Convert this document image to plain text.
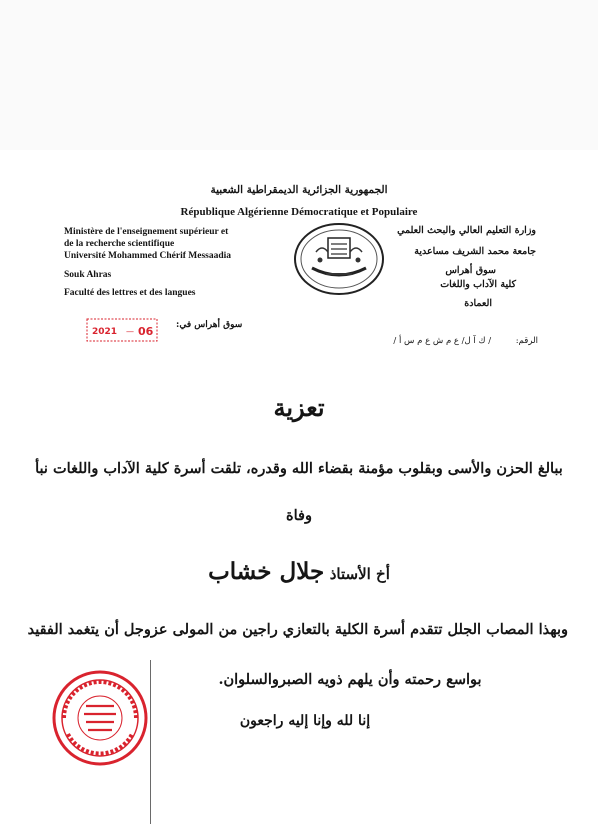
الجمهورية الجزائرية الديمقراطية الشعبية
République Algérienne Démocratique et Populaire
Ministère de l'enseignement supérieur et
de la recherche scientifique
Université Mohammed Chérif Messaadia
Souk Ahras
Faculté des lettres et des langues
وزارة التعليم العالي والبحث العلمي
جامعة محمد الشريف مساعدية
سوق أهراس
كلية الآداب واللغات
العمادة
الرقم: / ك آ ل/ ع م ش ع م س أ /
سوق أهراس في:
2021 — 06
تعزية
ببالغ الحزن والأسى وبقلوب مؤمنة بقضاء الله وقدره، تلقت أسرة كلية الآداب واللغات نبأ
وفاة
أخ الأستاذ جلال خشاب
وبهذا المصاب الجلل تتقدم أسرة الكلية بالتعازي راجين من المولى عزوجل أن يتغمد الفقيد
بواسع رحمته وأن يلهم ذويه الصبروالسلوان.
إنا لله وإنا إليه راجعون
